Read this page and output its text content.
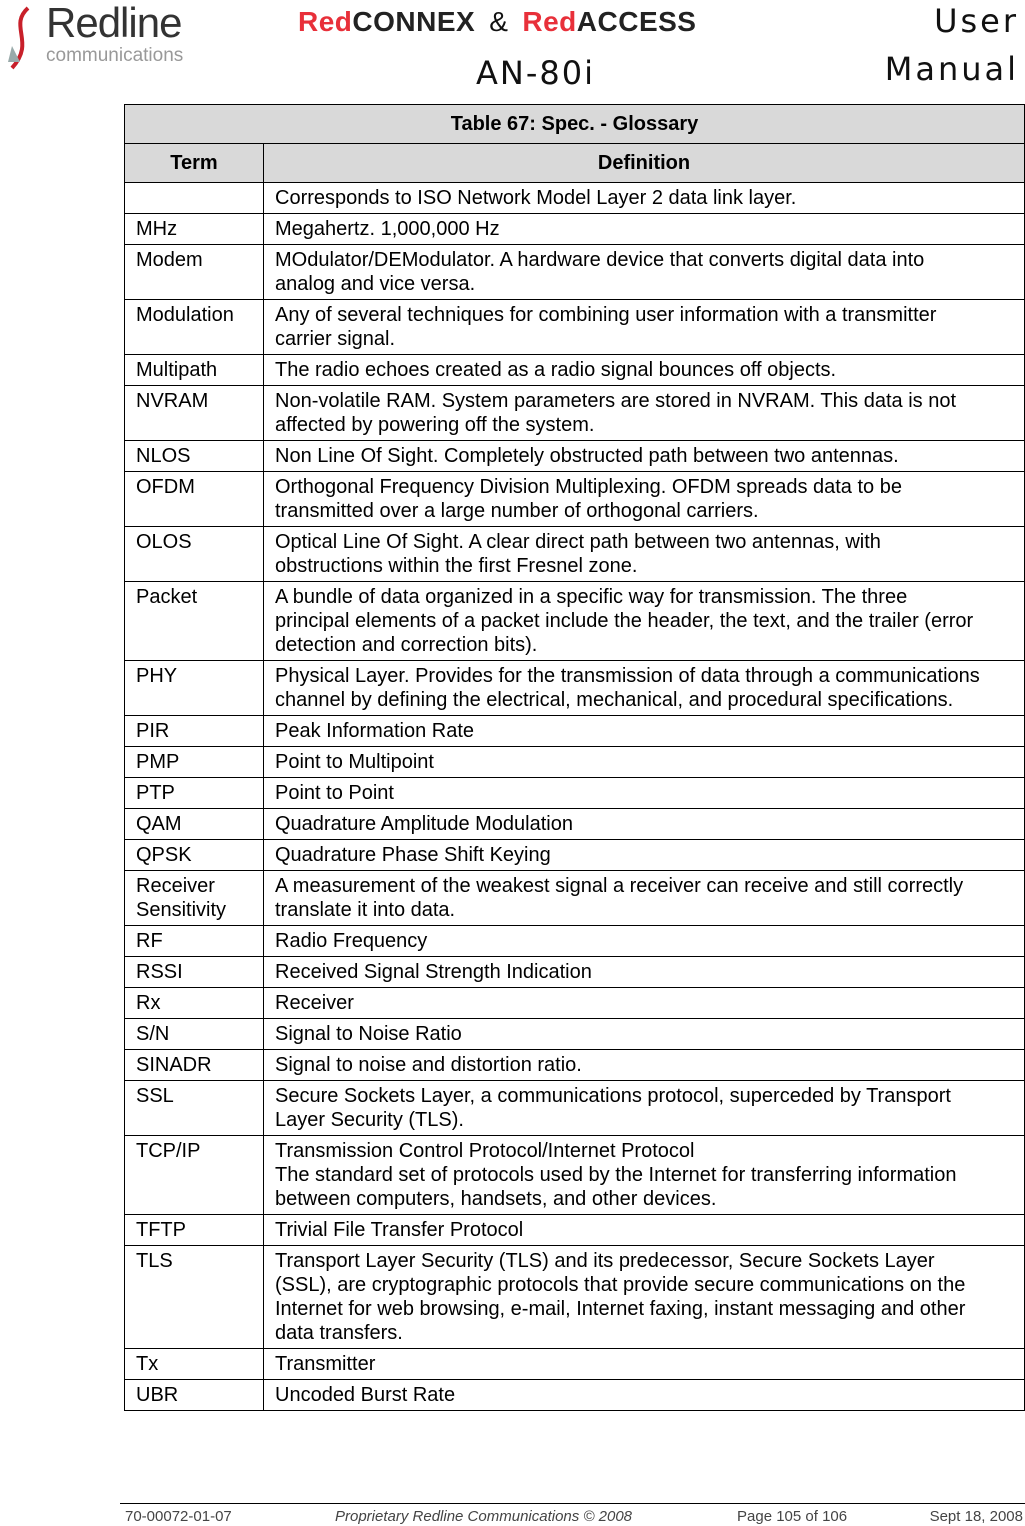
Redline
communications
RedCONNEX & RedACCESS
AN-80i
User
Manual
Table 67: Spec. - Glossary	
Term	Definition
	Corresponds to ISO Network Model Layer 2 data link layer.
MHz	Megahertz. 1,000,000 Hz
Modem	MOdulator/DEModulator. A hardware device that converts digital data into
analog and vice versa.
Modulation	Any of several techniques for combining user information with a transmitter
carrier signal.
Multipath	The radio echoes created as a radio signal bounces off objects.
NVRAM	Non-volatile RAM. System parameters are stored in NVRAM. This data is not
affected by powering off the system.
NLOS	Non Line Of Sight. Completely obstructed path between two antennas.
OFDM	Orthogonal Frequency Division Multiplexing. OFDM spreads data to be
transmitted over a large number of orthogonal carriers.
OLOS	Optical Line Of Sight. A clear direct path between two antennas, with
obstructions within the first Fresnel zone.
Packet	A bundle of data organized in a specific way for transmission. The three
principal elements of a packet include the header, the text, and the trailer (error
detection and correction bits).
PHY	Physical Layer. Provides for the transmission of data through a communications
channel by defining the electrical, mechanical, and procedural specifications.
PIR	Peak Information Rate
PMP	Point to Multipoint
PTP	Point to Point
QAM	Quadrature Amplitude Modulation
QPSK	Quadrature Phase Shift Keying
Receiver
Sensitivity	A measurement of the weakest signal a receiver can receive and still correctly
translate it into data.
RF	Radio Frequency
RSSI	Received Signal Strength Indication
Rx	Receiver
S/N	Signal to Noise Ratio
SINADR	Signal to noise and distortion ratio.
SSL	Secure Sockets Layer, a communications protocol, superceded by Transport
Layer Security (TLS).
TCP/IP	Transmission Control Protocol/Internet Protocol
The standard set of protocols used by the Internet for transferring information
between computers, handsets, and other devices.
TFTP	Trivial File Transfer Protocol
TLS	Transport Layer Security (TLS) and its predecessor, Secure Sockets Layer
(SSL), are cryptographic protocols that provide secure communications on the
Internet for web browsing, e-mail, Internet faxing, instant messaging and other
data transfers.
Tx	Transmitter
UBR	Uncoded Burst Rate
70-00072-01-07	Proprietary Redline Communications © 2008	Page 105 of 106	Sept 18, 2008
